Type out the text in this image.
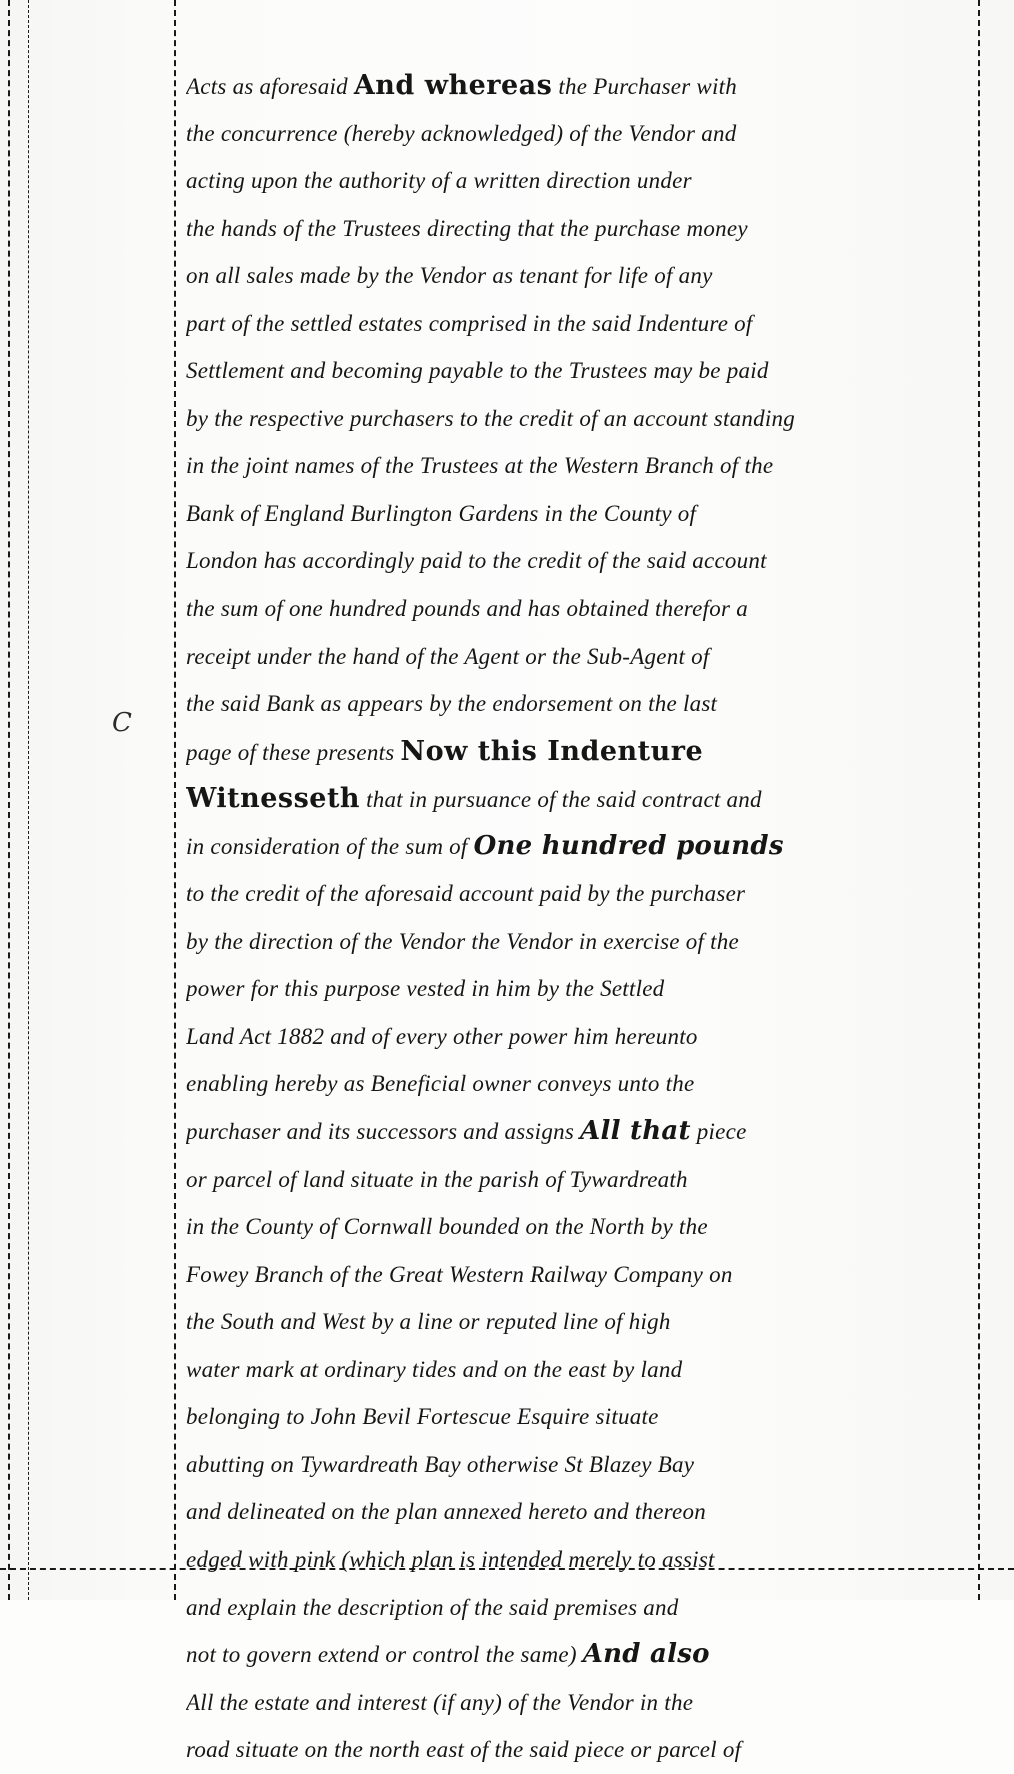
C
Acts as aforesaid And whereas the Purchaser with
the concurrence (hereby acknowledged) of the Vendor and
acting upon the authority of a written direction under
the hands of the Trustees directing that the purchase money
on all sales made by the Vendor as tenant for life of any
part of the settled estates comprised in the said Indenture of
Settlement and becoming payable to the Trustees may be paid
by the respective purchasers to the credit of an account standing
in the joint names of the Trustees at the Western Branch of the
Bank of England Burlington Gardens in the County of
London has accordingly paid to the credit of the said account
the sum of one hundred pounds and has obtained therefor a
receipt under the hand of the Agent or the Sub-Agent of
the said Bank as appears by the endorsement on the last
page of these presents Now this Indenture
Witnesseth that in pursuance of the said contract and
in consideration of the sum of One hundred pounds
to the credit of the aforesaid account paid by the purchaser
by the direction of the Vendor the Vendor in exercise of the
power for this purpose vested in him by the Settled
Land Act 1882 and of every other power him hereunto
enabling hereby as Beneficial owner conveys unto the
purchaser and its successors and assigns All that piece
or parcel of land situate in the parish of Tywardreath
in the County of Cornwall bounded on the North by the
Fowey Branch of the Great Western Railway Company on
the South and West by a line or reputed line of high
water mark at ordinary tides and on the east by land
belonging to John Bevil Fortescue Esquire situate
abutting on Tywardreath Bay otherwise St Blazey Bay
and delineated on the plan annexed hereto and thereon
edged with pink (which plan is intended merely to assist
and explain the description of the said premises and
not to govern extend or control the same) And also
All the estate and interest (if any) of the Vendor in the
road situate on the north east of the said piece or parcel of
